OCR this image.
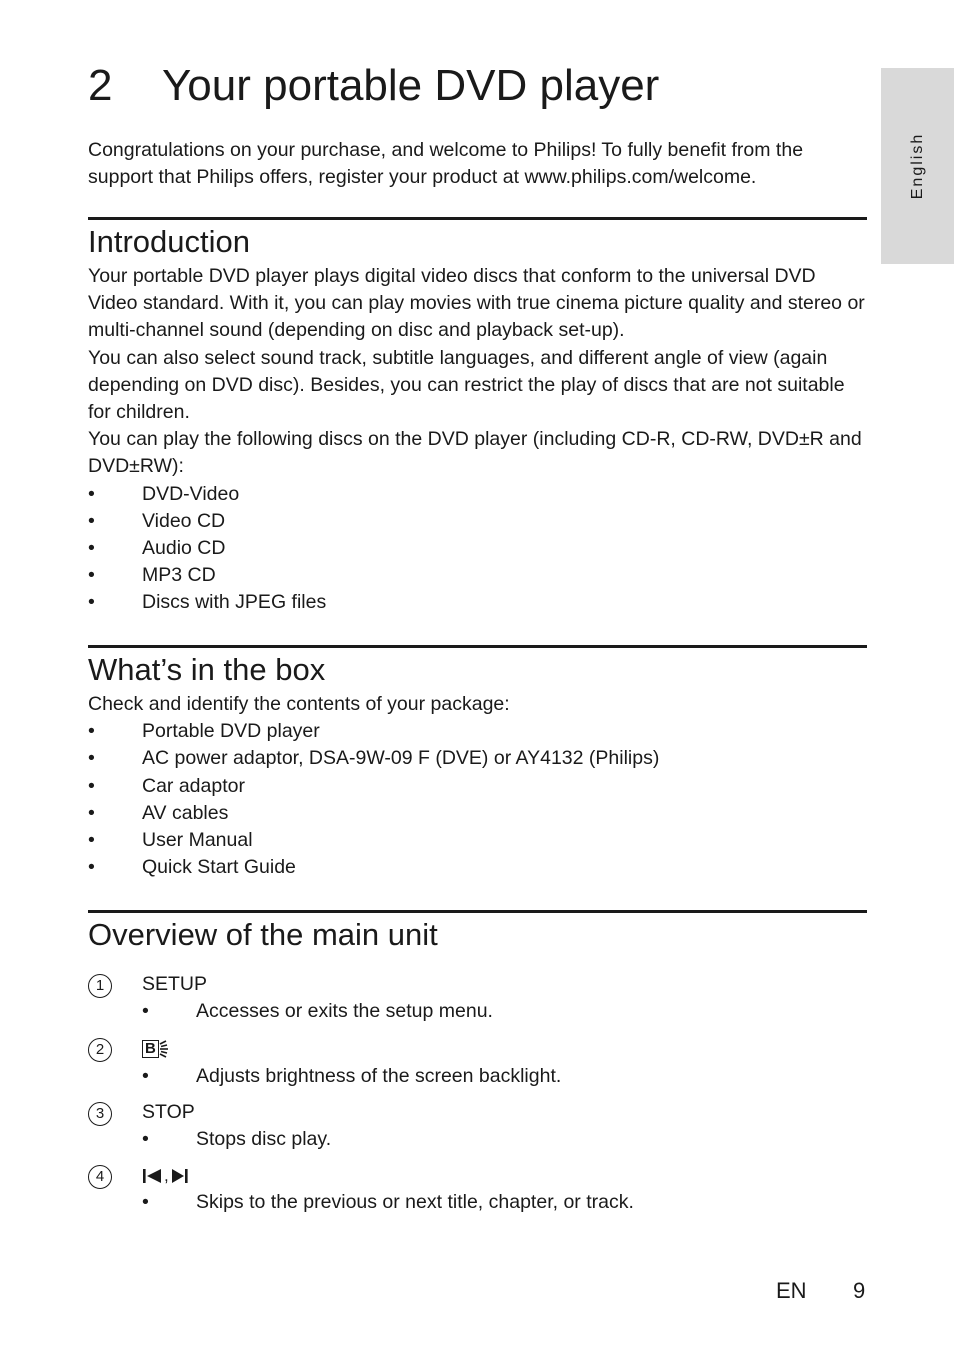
English
2 Your portable DVD player

Congratulations on your purchase, and welcome to Philips! To fully benefit from the support that Philips offers, register your product at www.philips.com/welcome.

Introduction

Your portable DVD player plays digital video discs that conform to the universal DVD Video standard. With it, you can play movies with true cinema picture quality and stereo or multi-channel sound (depending on disc and playback set-up).

You can also select sound track, subtitle languages, and different angle of view (again depending on DVD disc). Besides, you can restrict the play of discs that are not suitable for children.

You can play the following discs on the DVD player (including CD-R, CD-RW, DVD±R and DVD±RW):

• DVD-Video
• Video CD
• Audio CD
• MP3 CD
• Discs with JPEG files
What’s in the box

Check and identify the contents of your package:

• Portable DVD player
• AC power adaptor, DSA-9W-09 F (DVE) or AY4132 (Philips)
• Car adaptor
• AV cables
• User Manual
• Quick Start Guide
Overview of the main unit
1	SETUP
• Accesses or exits the setup menu.
2	B
• Adjusts brightness of the screen backlight.
3	STOP
• Stops disc play.
4	,
• Skips to the previous or next title, chapter, or track.
EN 9
